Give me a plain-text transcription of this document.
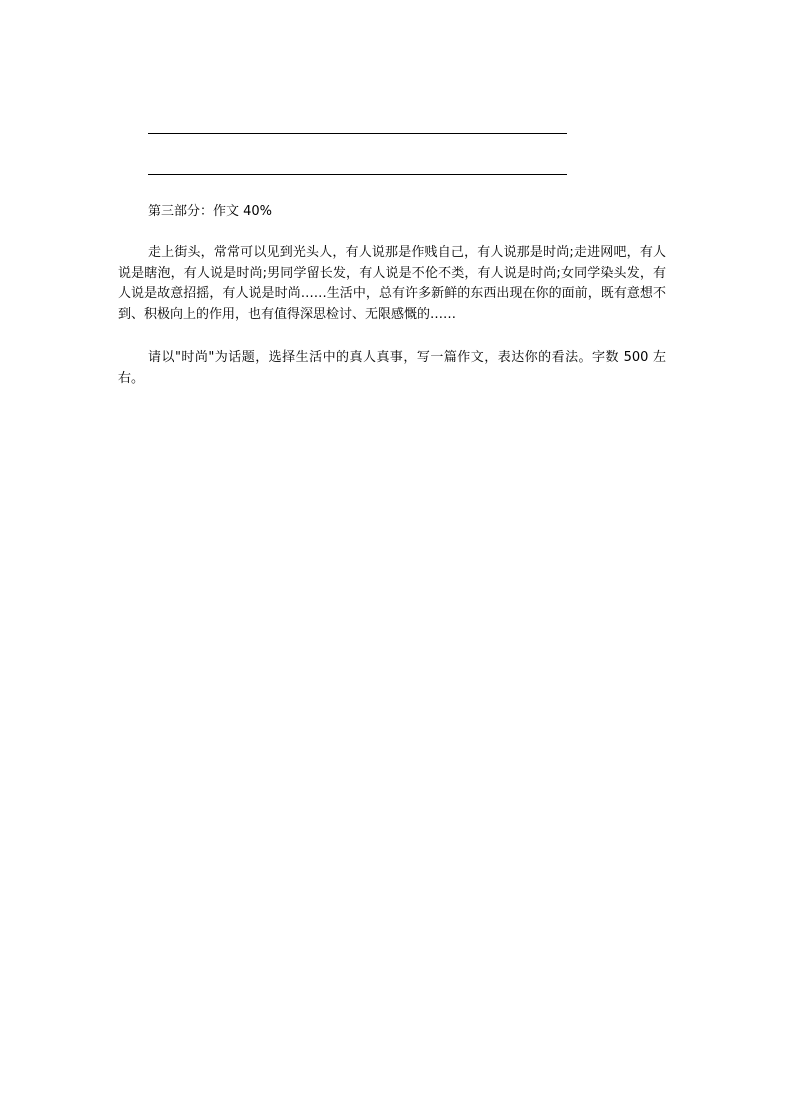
第三部分：作文 40%

走上街头，常常可以见到光头人，有人说那是作贱自己，有人说那是时尚;走进网吧，有人说是瞎泡，有人说是时尚;男同学留长发，有人说是不伦不类，有人说是时尚;女同学染头发，有人说是故意招摇，有人说是时尚……生活中，总有许多新鲜的东西出现在你的面前，既有意想不到、积极向上的作用，也有值得深思检讨、无限感慨的……

请以"时尚"为话题，选择生活中的真人真事，写一篇作文，表达你的看法。字数 500 左右。
